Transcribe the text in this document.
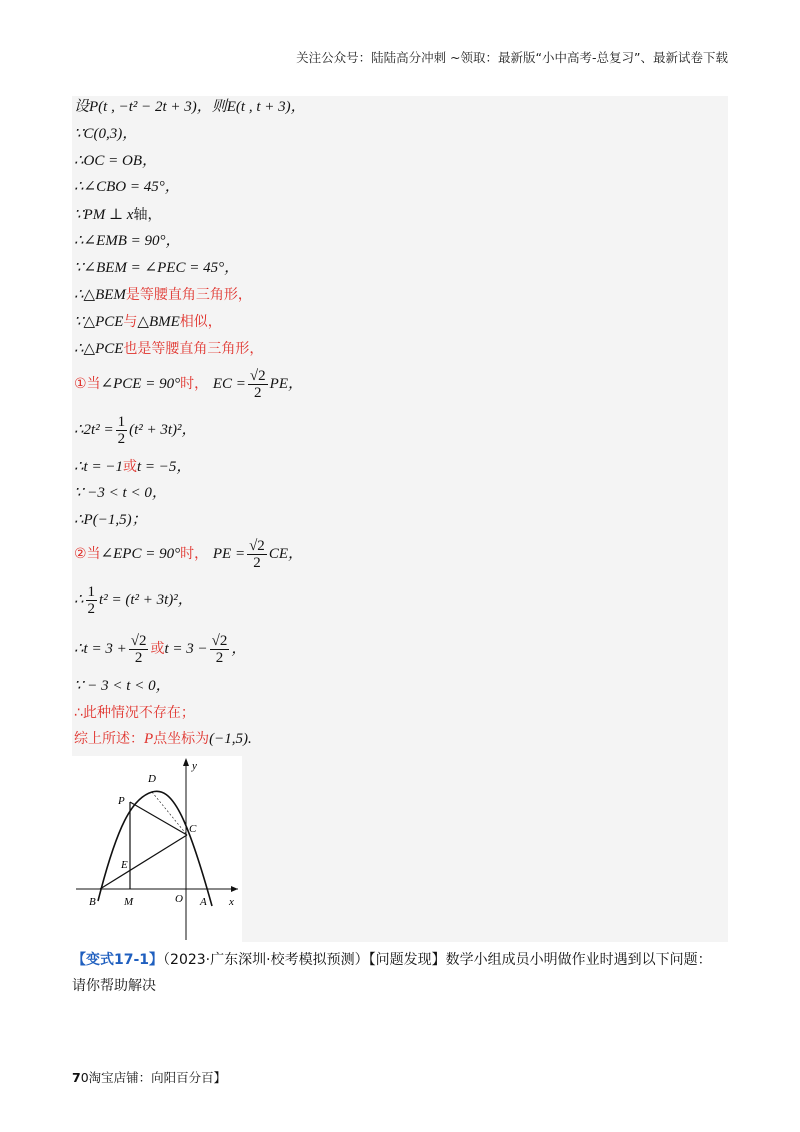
关注公众号：陆陆高分冲刺 ~领取：最新版“小中高考-总复习”、最新试卷下载
设P(t , −t² − 2t + 3)，则E(t , t + 3)，
∵C(0,3)，
∴OC = OB，
∴∠CBO = 45°，
∵PM ⊥ x轴，
∴∠EMB = 90°，
∵∠BEM = ∠PEC = 45°，
∴△BEM是等腰直角三角形，
∵△PCE与△BME相似，
∴△PCE也是等腰直角三角形，
①当∠PCE = 90°时， EC = $\frac{√2}{2}$ PE，
∴2t² = $\frac{1}{2} (t^2 + 3t)^2$，
∴t = −1或t = −5，
∵ −3 < t < 0，
∴P(−1,5)；
②当∠EPC = 90°时， PE = $\frac{√2}{2}$ CE，
∴ $\frac{1}{2} t^2 = (t^2 + 3t)^2$，
∴t = $3 + \frac{√2}{2}$ 或$t = 3 - \frac{√2}{2}$ ，
∵ − 3 < t < 0，
∴此种情况不存在；
综上所述：P点坐标为(−1,5).
D
P
C
E
B	M	O A
y
x
【变式17-1】（2023·广东深圳·校考模拟预测）【问题发现】数学小组成员小明做作业时遇到以下问题：
请你帮助解决
70淘宝店铺：向阳百分百】
